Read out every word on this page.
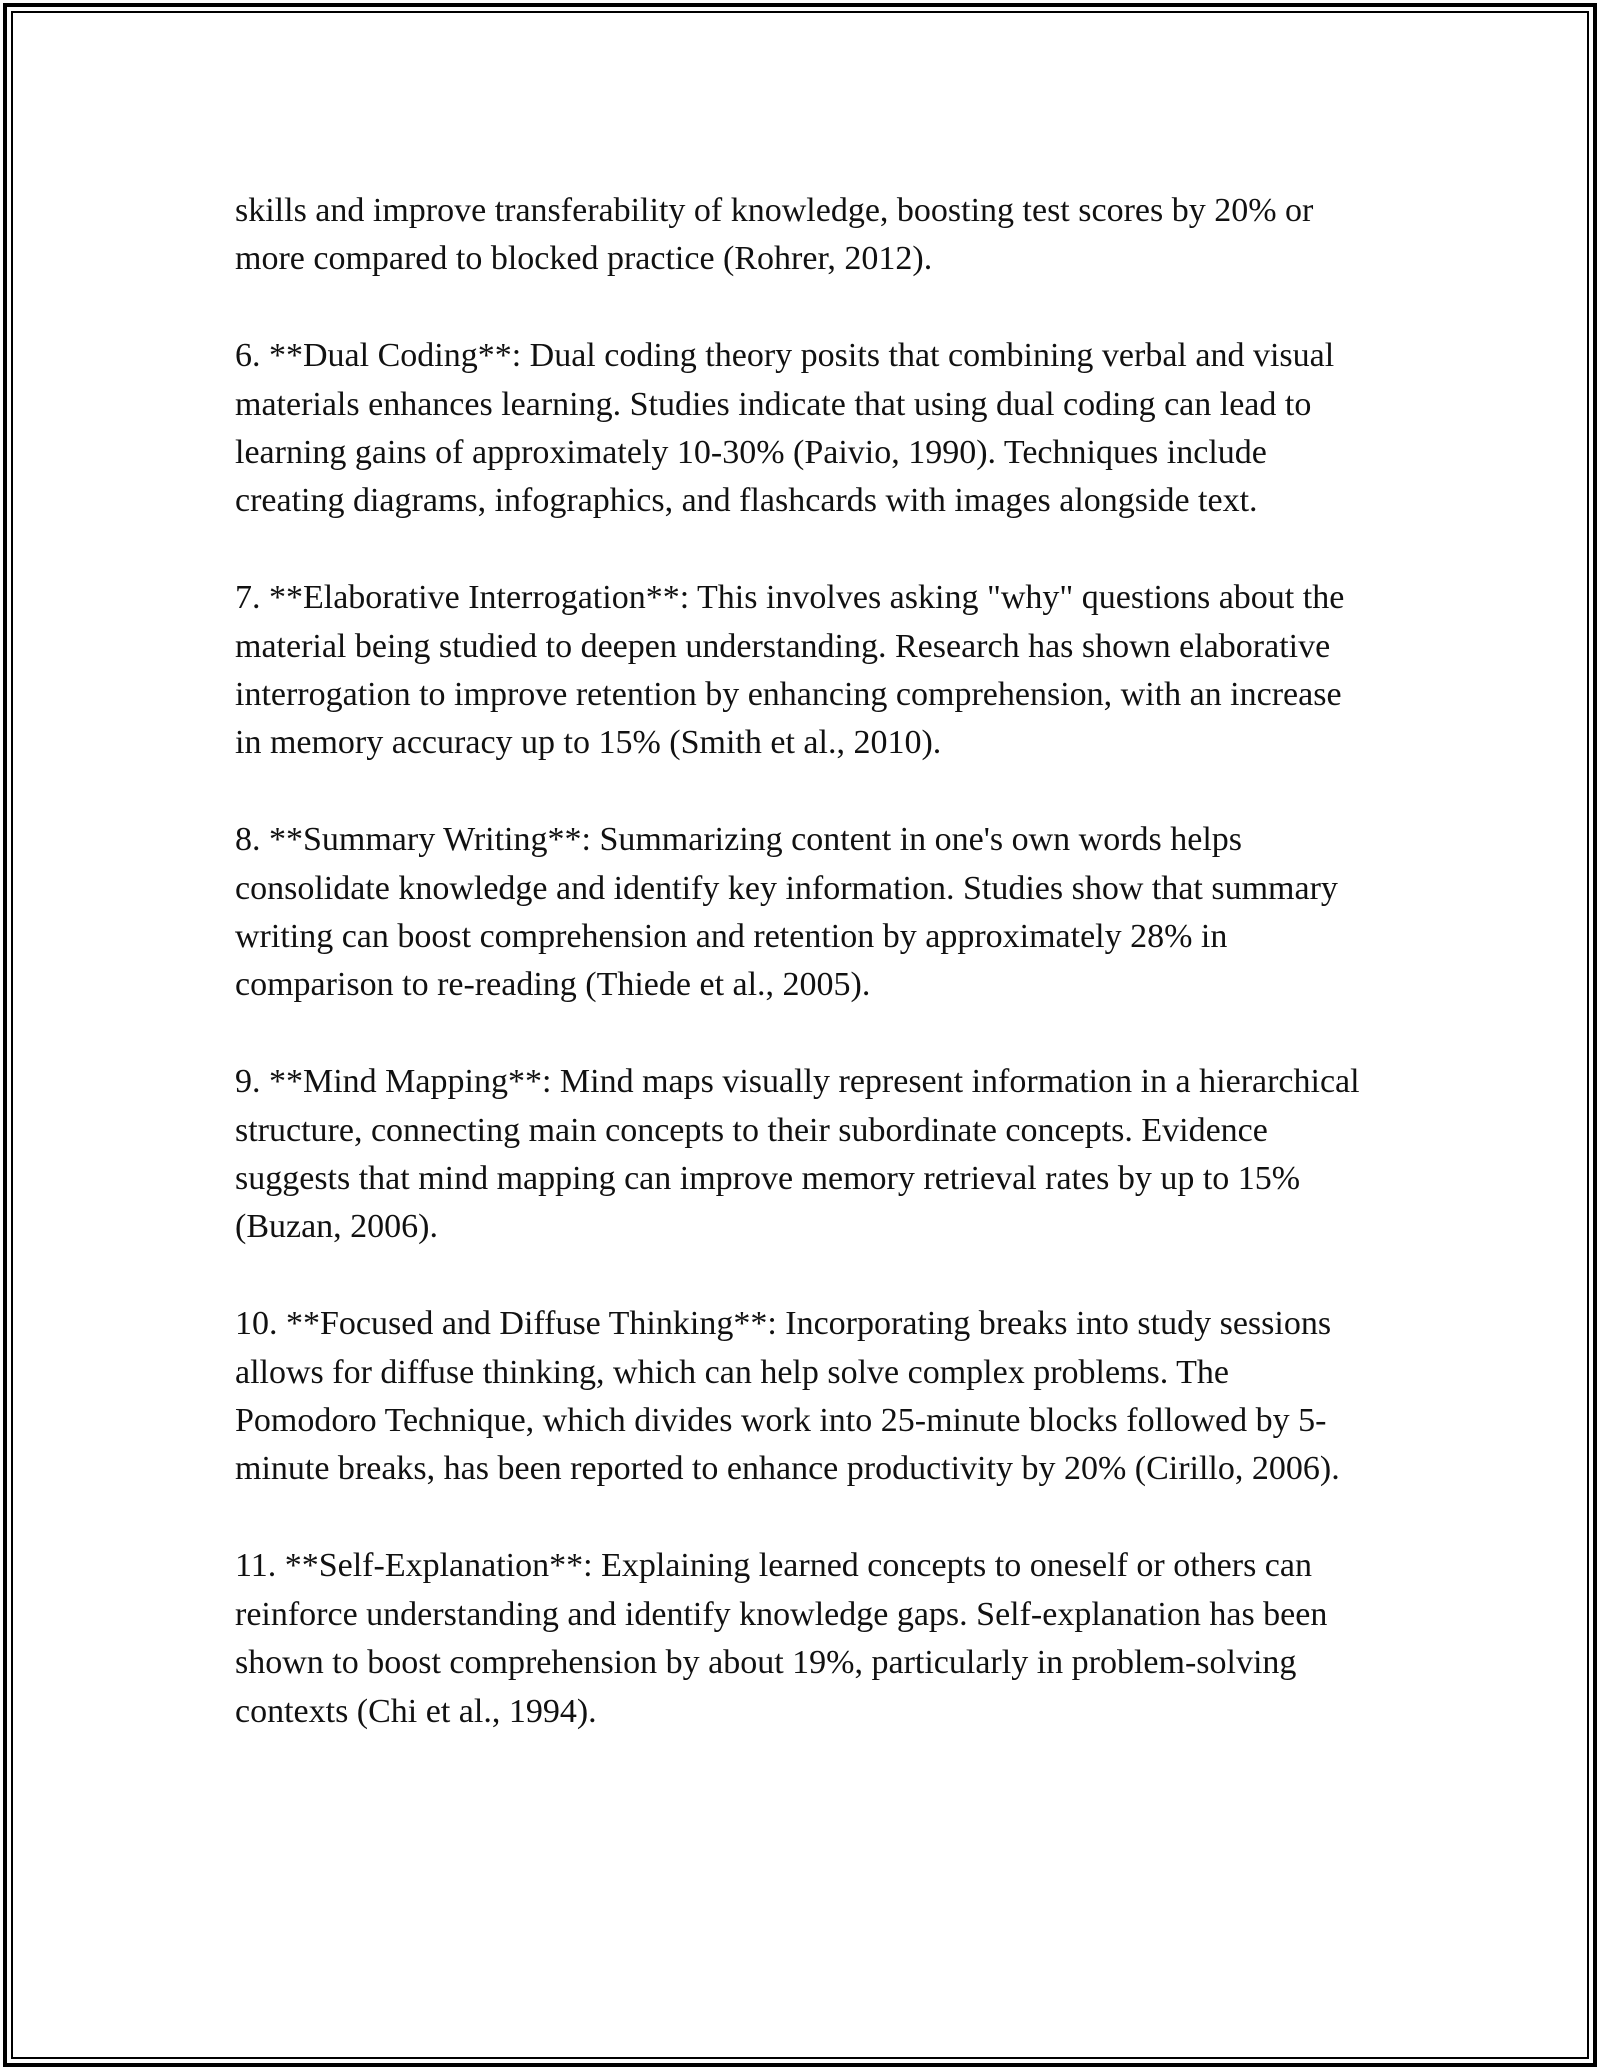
skills and improve transferability of knowledge, boosting test scores by 20% or more compared to blocked practice (Rohrer, 2012).

6. **Dual Coding**: Dual coding theory posits that combining verbal and visual materials enhances learning. Studies indicate that using dual coding can lead to learning gains of approximately 10-30% (Paivio, 1990). Techniques include creating diagrams, infographics, and flashcards with images alongside text.

7. **Elaborative Interrogation**: This involves asking "why" questions about the material being studied to deepen understanding. Research has shown elaborative interrogation to improve retention by enhancing comprehension, with an increase in memory accuracy up to 15% (Smith et al., 2010).

8. **Summary Writing**: Summarizing content in one's own words helps consolidate knowledge and identify key information. Studies show that summary writing can boost comprehension and retention by approximately 28% in comparison to re-reading (Thiede et al., 2005).

9. **Mind Mapping**: Mind maps visually represent information in a hierarchical structure, connecting main concepts to their subordinate concepts. Evidence suggests that mind mapping can improve memory retrieval rates by up to 15% (Buzan, 2006).

10. **Focused and Diffuse Thinking**: Incorporating breaks into study sessions allows for diffuse thinking, which can help solve complex problems. The Pomodoro Technique, which divides work into 25-minute blocks followed by 5-minute breaks, has been reported to enhance productivity by 20% (Cirillo, 2006).

11. **Self-Explanation**: Explaining learned concepts to oneself or others can reinforce understanding and identify knowledge gaps. Self-explanation has been shown to boost comprehension by about 19%, particularly in problem-solving contexts (Chi et al., 1994).
